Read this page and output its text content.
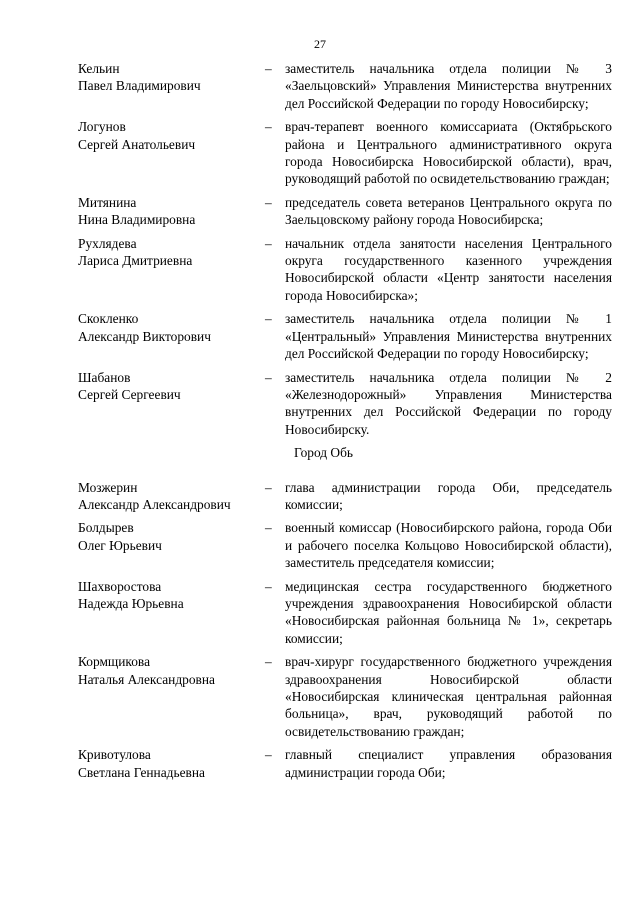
27
Кельин
Павел Владимирович
– заместитель начальника отдела полиции № 3 «Заельцовский» Управления Министерства внутренних дел Российской Федерации по городу Новосибирску;
Логунов
Сергей Анатольевич
– врач-терапевт военного комиссариата (Октябрьского района и Центрального административного округа города Новосибирска Новосибирской области), врач, руководящий работой по освидетельствованию граждан;
Митянина
Нина Владимировна
– председатель совета ветеранов Центрального округа по Заельцовскому району города Новосибирска;
Рухлядева
Лариса Дмитриевна
– начальник отдела занятости населения Центрального округа государственного казенного учреждения Новосибирской области «Центр занятости населения города Новосибирска»;
Скокленко
Александр Викторович
– заместитель начальника отдела полиции № 1 «Центральный» Управления Министерства внутренних дел Российской Федерации по городу Новосибирску;
Шабанов
Сергей Сергеевич
– заместитель начальника отдела полиции № 2 «Железнодорожный» Управления Министерства внутренних дел Российской Федерации по городу Новосибирску.
Город Обь
Мозжерин
Александр Александрович
– глава администрации города Оби, председатель комиссии;
Болдырев
Олег Юрьевич
– военный комиссар (Новосибирского района, города Оби и рабочего поселка Кольцово Новосибирской области), заместитель председателя комиссии;
Шахворостова
Надежда Юрьевна
– медицинская сестра государственного бюджетного учреждения здравоохранения Новосибирской области «Новосибирская районная больница № 1», секретарь комиссии;
Кормщикова
Наталья Александровна
– врач-хирург государственного бюджетного учреждения здравоохранения Новосибирской области «Новосибирская клиническая центральная районная больница», врач, руководящий работой по освидетельствованию граждан;
Кривотулова
Светлана Геннадьевна
– главный специалист управления образования администрации города Оби;
